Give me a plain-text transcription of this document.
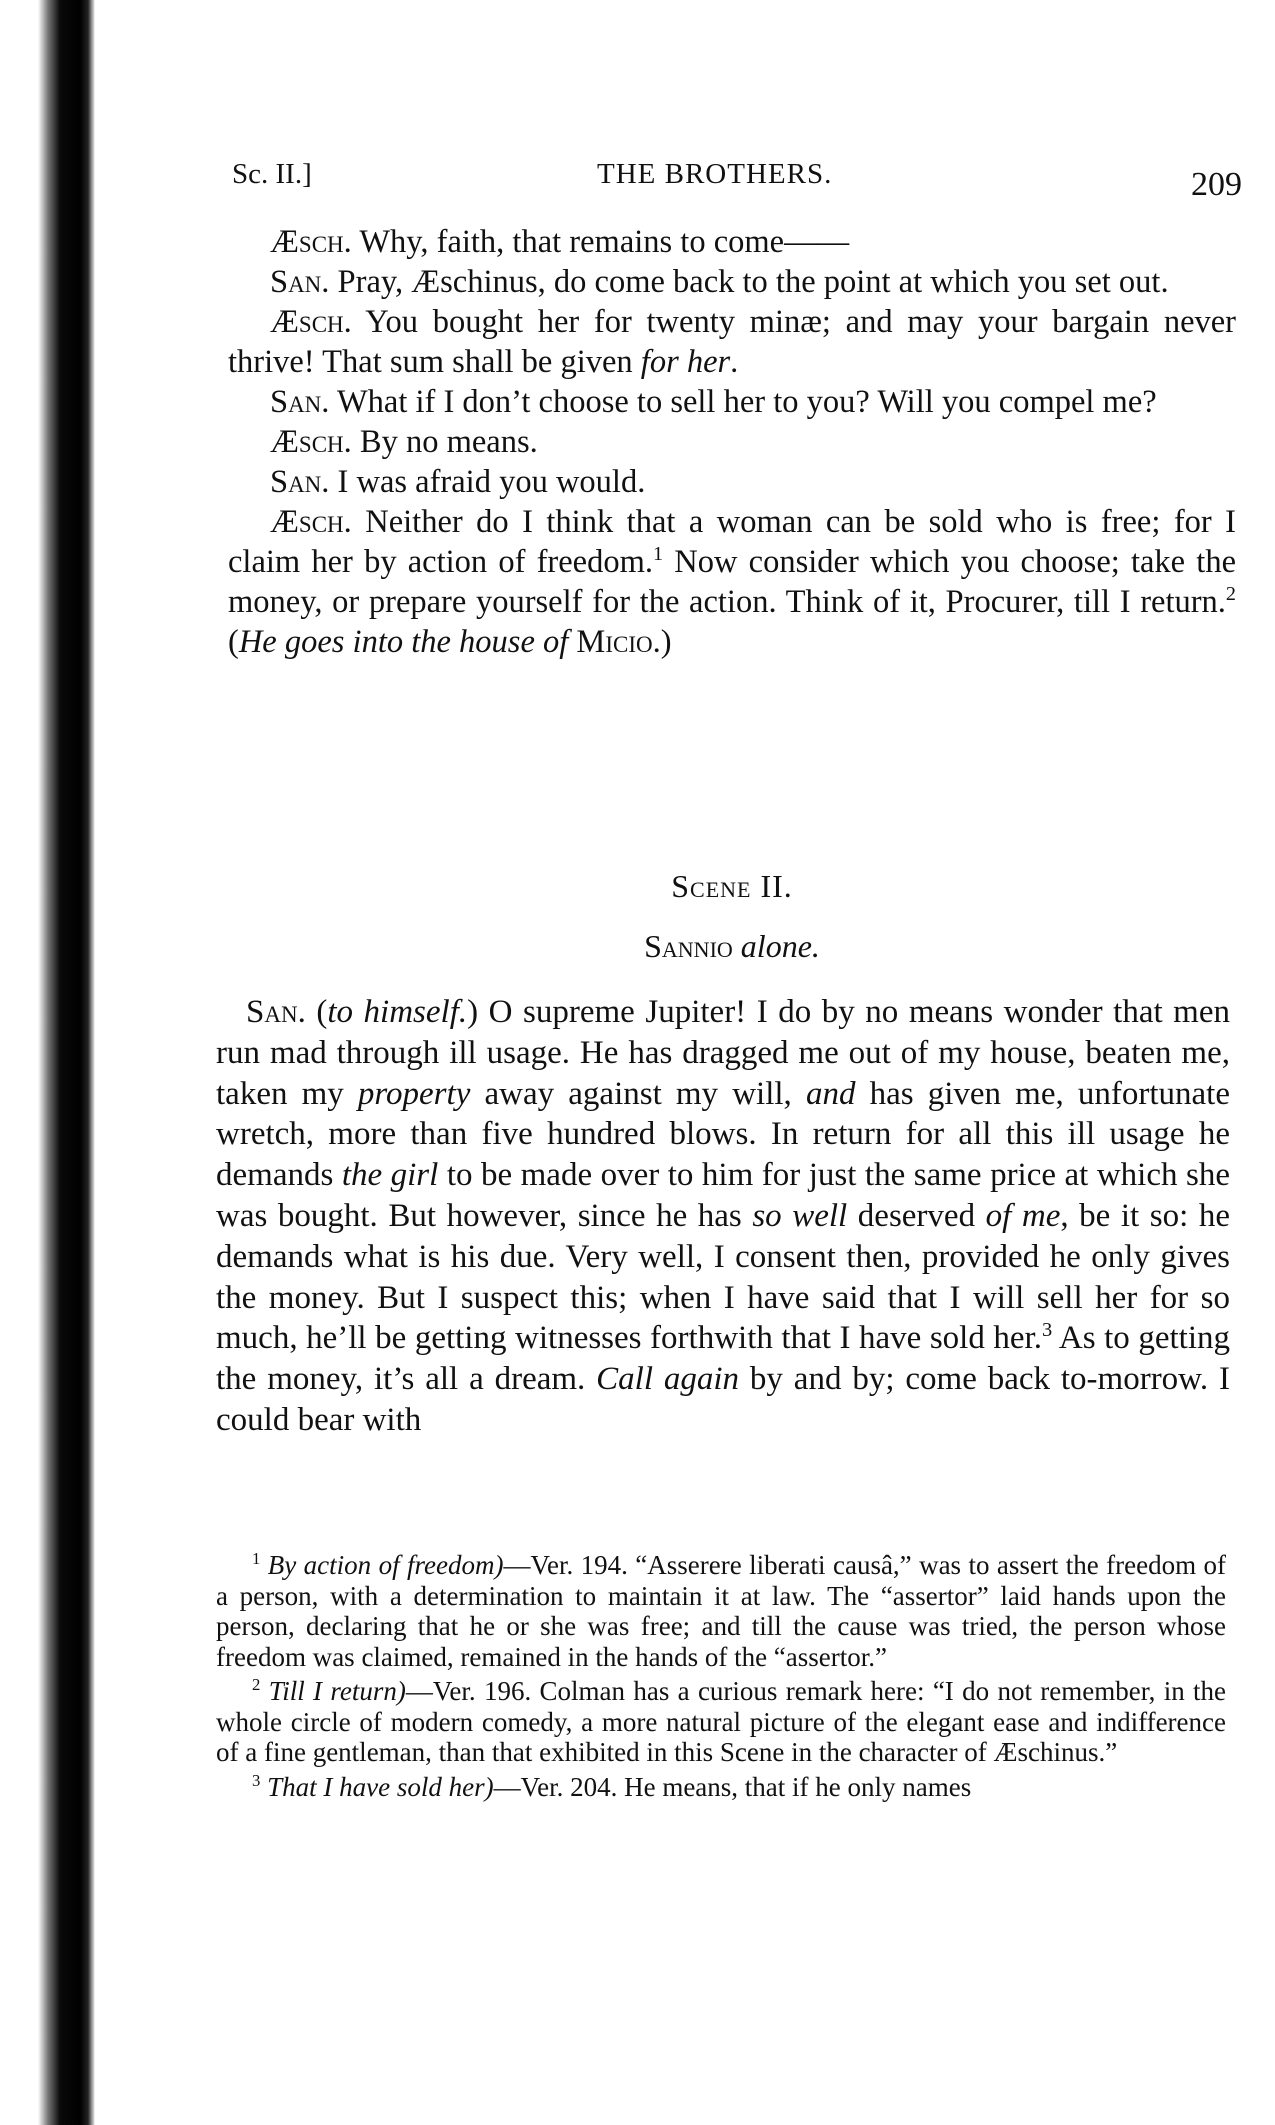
Sc. II.]	THE BROTHERS.	209

Æsch. Why, faith, that remains to come——

San. Pray, Æschinus, do come back to the point at which you set out.

Æsch. You bought her for twenty minæ; and may your bargain never thrive! That sum shall be given for her.

San. What if I don’t choose to sell her to you? Will you compel me?

Æsch. By no means.

San. I was afraid you would.

Æsch. Neither do I think that a woman can be sold who is free; for I claim her by action of freedom.$^1$ Now consider which you choose; take the money, or prepare yourself for the action. Think of it, Procurer, till I return.$^2$ (He goes into the house of Micio.)

Scene II.
Sannio alone.

San. (to himself.) O supreme Jupiter! I do by no means wonder that men run mad through ill usage. He has dragged me out of my house, beaten me, taken my property away against my will, and has given me, unfortunate wretch, more than five hundred blows. In return for all this ill usage he demands the girl to be made over to him for just the same price at which she was bought. But however, since he has so well deserved of me, be it so: he demands what is his due. Very well, I consent then, provided he only gives the money. But I suspect this; when I have said that I will sell her for so much, he’ll be getting witnesses forthwith that I have sold her.$^3$ As to getting the money, it’s all a dream. Call again by and by; come back to-morrow. I could bear with

$^1$ By action of freedom)—Ver. 194. “Asserere liberati causâ,” was to assert the freedom of a person, with a determination to maintain it at law. The “assertor” laid hands upon the person, declaring that he or she was free; and till the cause was tried, the person whose freedom was claimed, remained in the hands of the “assertor.”

$^2$ Till I return)—Ver. 196. Colman has a curious remark here: “I do not remember, in the whole circle of modern comedy, a more natural picture of the elegant ease and indifference of a fine gentleman, than that exhibited in this Scene in the character of Æschinus.”

$^3$ That I have sold her)—Ver. 204. He means, that if he only names
